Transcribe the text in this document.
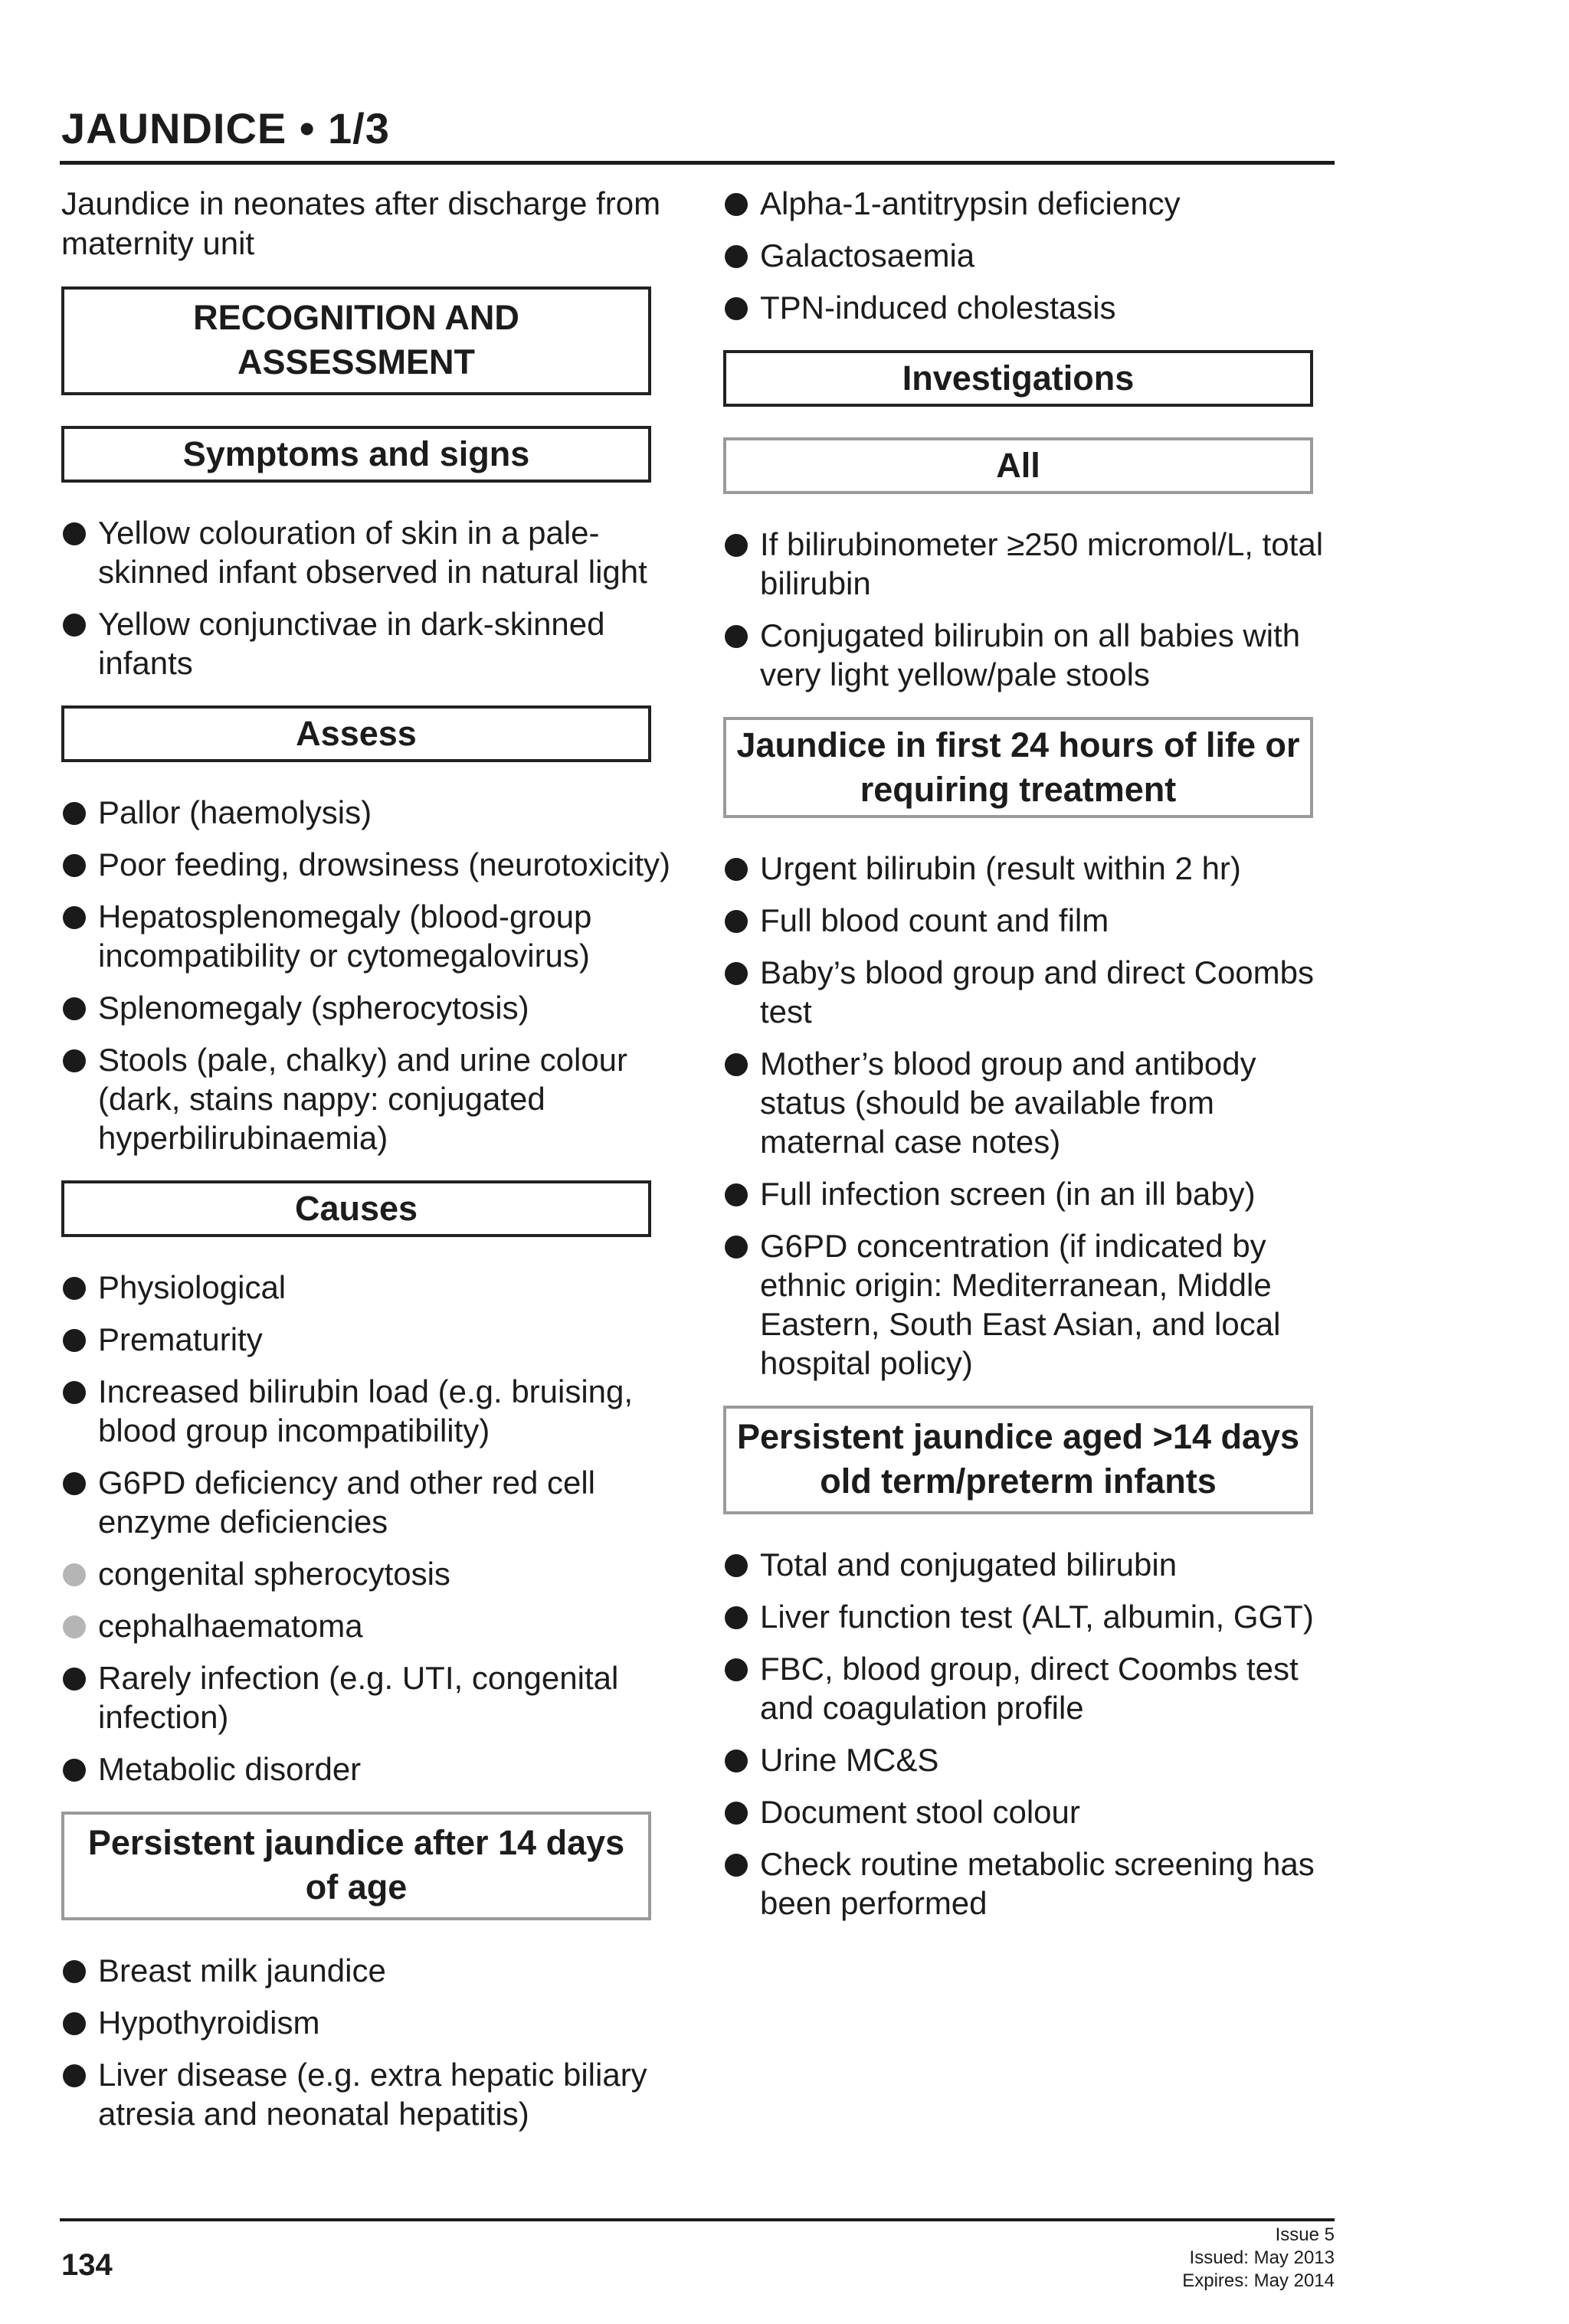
JAUNDICE • 1/3

Jaundice in neonates after discharge from maternity unit

RECOGNITION AND ASSESSMENT
Symptoms and signs
Yellow colouration of skin in a pale-skinned infant observed in natural light
Yellow conjunctivae in dark-skinned infants
Assess
Pallor (haemolysis)
Poor feeding, drowsiness (neurotoxicity)
Hepatosplenomegaly (blood-group incompatibility or cytomegalovirus)
Splenomegaly (spherocytosis)
Stools (pale, chalky) and urine colour (dark, stains nappy: conjugated hyperbilirubinaemia)
Causes
Physiological
Prematurity
Increased bilirubin load (e.g. bruising, blood group incompatibility)
G6PD deficiency and other red cell enzyme deficiencies
congenital spherocytosis
cephalhaematoma
Rarely infection (e.g. UTI, congenital infection)
Metabolic disorder
Persistent jaundice after 14 days of age
Breast milk jaundice
Hypothyroidism
Liver disease (e.g. extra hepatic biliary atresia and neonatal hepatitis)
Alpha-1-antitrypsin deficiency
Galactosaemia
TPN-induced cholestasis
Investigations
All
If bilirubinometer ≥250 micromol/L, total bilirubin
Conjugated bilirubin on all babies with very light yellow/pale stools
Jaundice in first 24 hours of life or requiring treatment
Urgent bilirubin (result within 2 hr)
Full blood count and film
Baby’s blood group and direct Coombs test
Mother’s blood group and antibody status (should be available from maternal case notes)
Full infection screen (in an ill baby)
G6PD concentration (if indicated by ethnic origin: Mediterranean, Middle Eastern, South East Asian, and local hospital policy)
Persistent jaundice aged >14 days old term/preterm infants
Total and conjugated bilirubin
Liver function test (ALT, albumin, GGT)
FBC, blood group, direct Coombs test and coagulation profile
Urine MC&S
Document stool colour
Check routine metabolic screening has been performed
134
Issue 5
Issued: May 2013
Expires: May 2014
